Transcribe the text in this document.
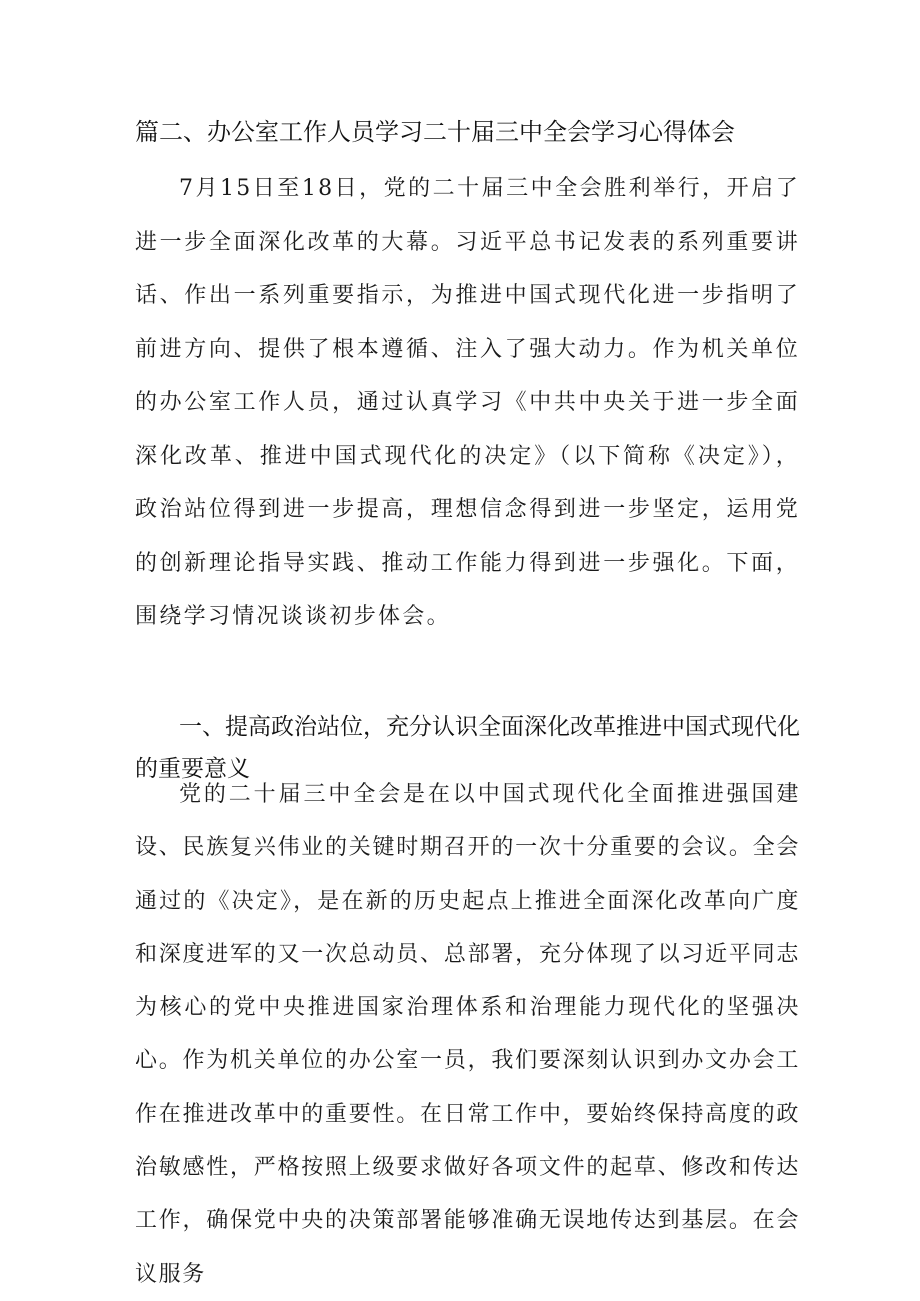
篇二、办公室工作人员学习二十届三中全会学习心得体会

7月15日至18日，党的二十届三中全会胜利举行，开启了进一步全面深化改革的大幕。习近平总书记发表的系列重要讲话、作出一系列重要指示，为推进中国式现代化进一步指明了前进方向、提供了根本遵循、注入了强大动力。作为机关单位的办公室工作人员，通过认真学习《中共中央关于进一步全面深化改革、推进中国式现代化的决定》（以下简称《决定》），政治站位得到进一步提高，理想信念得到进一步坚定，运用党的创新理论指导实践、推动工作能力得到进一步强化。下面，围绕学习情况谈谈初步体会。

一、提高政治站位，充分认识全面深化改革推进中国式现代化的重要意义

党的二十届三中全会是在以中国式现代化全面推进强国建设、民族复兴伟业的关键时期召开的一次十分重要的会议。全会通过的《决定》，是在新的历史起点上推进全面深化改革向广度和深度进军的又一次总动员、总部署，充分体现了以习近平同志为核心的党中央推进国家治理体系和治理能力现代化的坚强决心。作为机关单位的办公室一员，我们要深刻认识到办文办会工作在推进改革中的重要性。在日常工作中，要始终保持高度的政治敏感性，严格按照上级要求做好各项文件的起草、修改和传达工作，确保党中央的决策部署能够准确无误地传达到基层。在会议服务
